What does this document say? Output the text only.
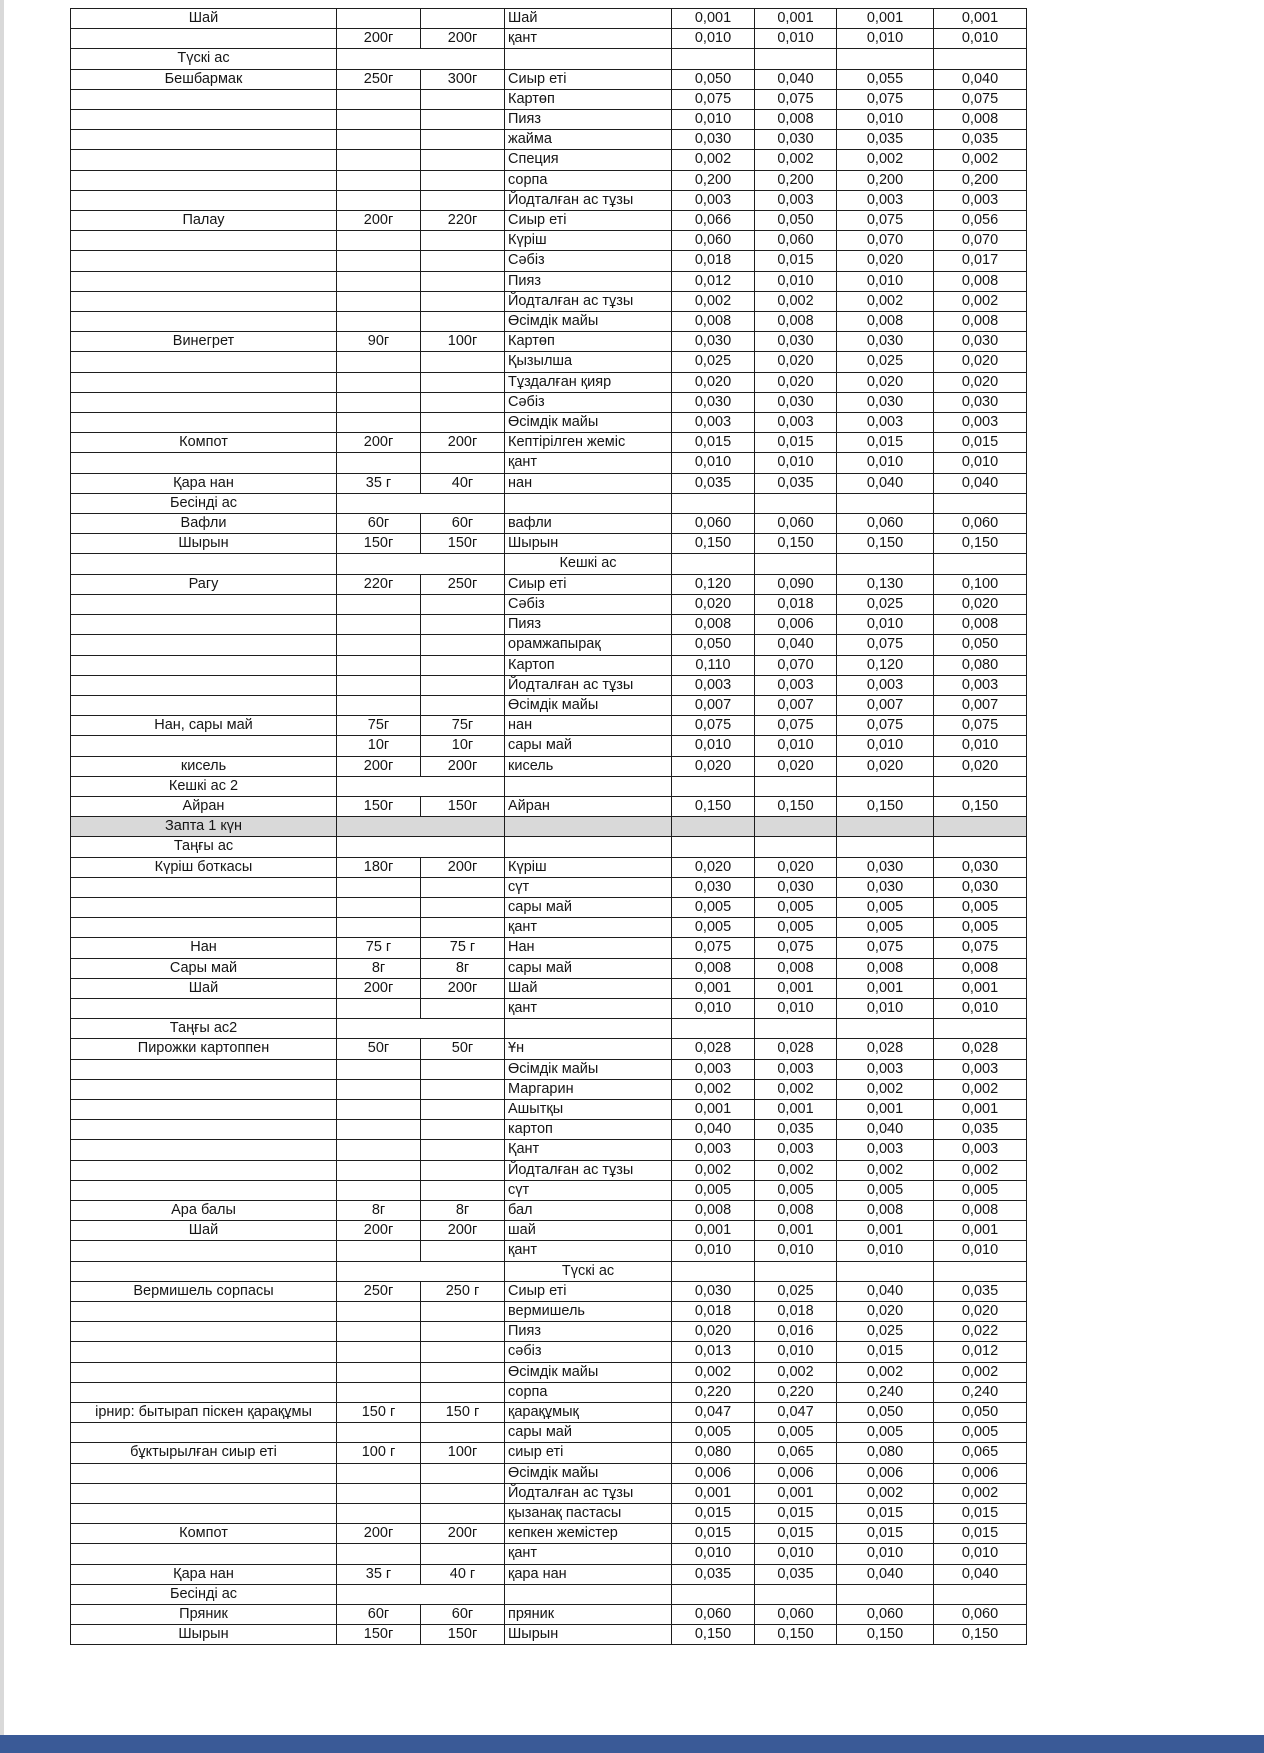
Шай			Шай	0,001	0,001	0,001	0,001
	200г	200г	қант	0,010	0,010	0,010	0,010
Түскі ас							
Бешбармак	250г	300г	Сиыр еті	0,050	0,040	0,055	0,040
			Картөп	0,075	0,075	0,075	0,075
			Пияз	0,010	0,008	0,010	0,008
			жайма	0,030	0,030	0,035	0,035
			Специя	0,002	0,002	0,002	0,002
			сорпа	0,200	0,200	0,200	0,200
			Йодталған ас тұзы	0,003	0,003	0,003	0,003
Палау	200г	220г	Сиыр еті	0,066	0,050	0,075	0,056
			Күріш	0,060	0,060	0,070	0,070
			Сәбіз	0,018	0,015	0,020	0,017
			Пияз	0,012	0,010	0,010	0,008
			Йодталған ас тұзы	0,002	0,002	0,002	0,002
			Өсімдік майы	0,008	0,008	0,008	0,008
Винегрет	90г	100г	Картөп	0,030	0,030	0,030	0,030
			Қызылша	0,025	0,020	0,025	0,020
			Тұздалған қияр	0,020	0,020	0,020	0,020
			Сәбіз	0,030	0,030	0,030	0,030
			Өсімдік майы	0,003	0,003	0,003	0,003
Компот	200г	200г	Кептірілген жеміс	0,015	0,015	0,015	0,015
			қант	0,010	0,010	0,010	0,010
Қара нан	35 г	40г	нан	0,035	0,035	0,040	0,040
Бесінді ас							
Вафли	60г	60г	вафли	0,060	0,060	0,060	0,060
Шырын	150г	150г	Шырын	0,150	0,150	0,150	0,150
			Кешкі ас				
Рагу	220г	250г	Сиыр еті	0,120	0,090	0,130	0,100
			Сәбіз	0,020	0,018	0,025	0,020
			Пияз	0,008	0,006	0,010	0,008
			орамжапырақ	0,050	0,040	0,075	0,050
			Картоп	0,110	0,070	0,120	0,080
			Йодталған ас тұзы	0,003	0,003	0,003	0,003
			Өсімдік майы	0,007	0,007	0,007	0,007
Нан, сары май	75г	75г	нан	0,075	0,075	0,075	0,075
	10г	10г	сары май	0,010	0,010	0,010	0,010
кисель	200г	200г	кисель	0,020	0,020	0,020	0,020
Кешкі ас 2							
Айран	150г	150г	Айран	0,150	0,150	0,150	0,150
Запта 1 күн							
Таңғы ас							
Күріш боткасы	180г	200г	Күріш	0,020	0,020	0,030	0,030
			сүт	0,030	0,030	0,030	0,030
			сары май	0,005	0,005	0,005	0,005
			қант	0,005	0,005	0,005	0,005
Нан	75 г	75 г	Нан	0,075	0,075	0,075	0,075
Сары май	8г	8г	сары май	0,008	0,008	0,008	0,008
Шай	200г	200г	Шай	0,001	0,001	0,001	0,001
			қант	0,010	0,010	0,010	0,010
Таңғы ас2							
Пирожки картоппен	50г	50г	Ұн	0,028	0,028	0,028	0,028
			Өсімдік майы	0,003	0,003	0,003	0,003
			Маргарин	0,002	0,002	0,002	0,002
			Ашытқы	0,001	0,001	0,001	0,001
			картоп	0,040	0,035	0,040	0,035
			Қант	0,003	0,003	0,003	0,003
			Йодталған ас тұзы	0,002	0,002	0,002	0,002
			сүт	0,005	0,005	0,005	0,005
Ара балы	8г	8г	бал	0,008	0,008	0,008	0,008
Шай	200г	200г	шай	0,001	0,001	0,001	0,001
			қант	0,010	0,010	0,010	0,010
			Түскі ас				
Вермишель сорпасы	250г	250 г	Сиыр еті	0,030	0,025	0,040	0,035
			вермишель	0,018	0,018	0,020	0,020
			Пияз	0,020	0,016	0,025	0,022
			сәбіз	0,013	0,010	0,015	0,012
			Өсімдік майы	0,002	0,002	0,002	0,002
			сорпа	0,220	0,220	0,240	0,240
ірнир: бытырап піскен қарақұмы	150 г	150 г	қарақұмық	0,047	0,047	0,050	0,050
			сары май	0,005	0,005	0,005	0,005
бұктырылған сиыр еті	100 г	100г	сиыр еті	0,080	0,065	0,080	0,065
			Өсімдік майы	0,006	0,006	0,006	0,006
			Йодталған ас тұзы	0,001	0,001	0,002	0,002
			қызанақ пастасы	0,015	0,015	0,015	0,015
Компот	200г	200г	кепкен жемістер	0,015	0,015	0,015	0,015
			қант	0,010	0,010	0,010	0,010
Қара нан	35 г	40 г	қара нан	0,035	0,035	0,040	0,040
Бесінді ас							
Пряник	60г	60г	пряник	0,060	0,060	0,060	0,060
Шырын	150г	150г	Шырын	0,150	0,150	0,150	0,150
